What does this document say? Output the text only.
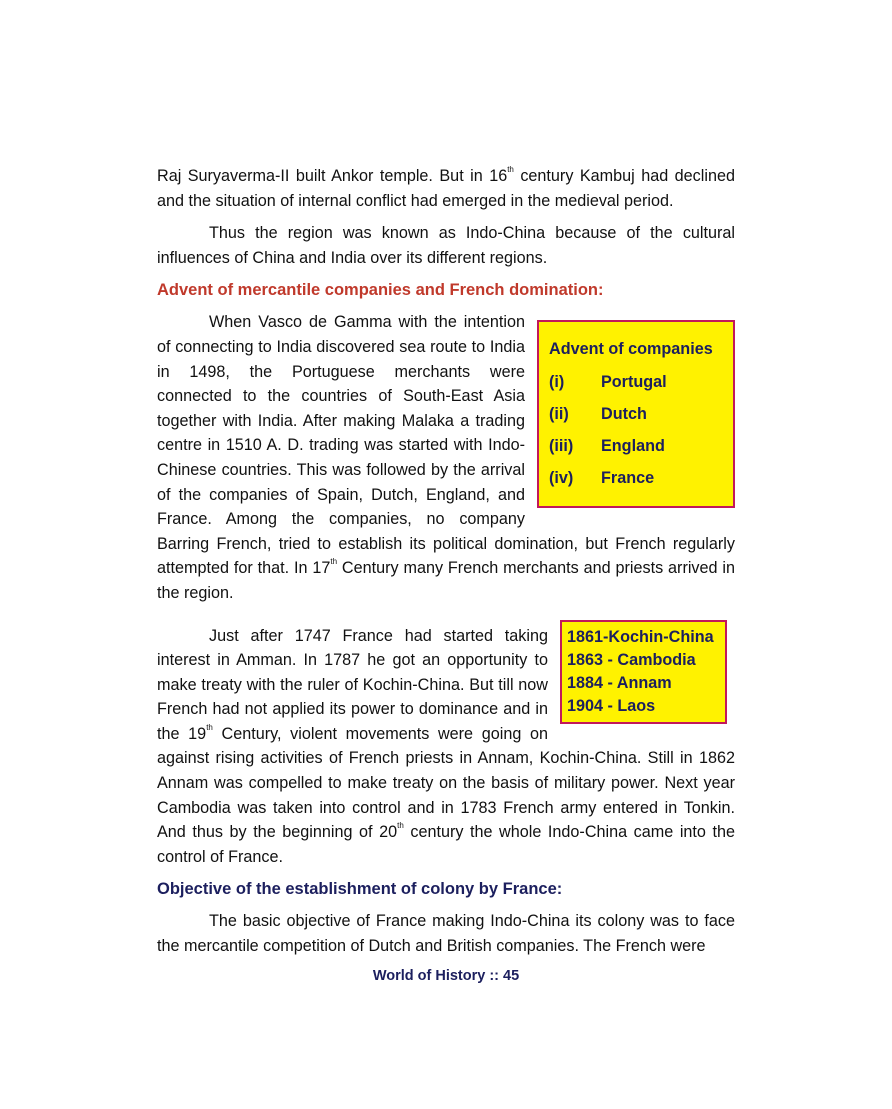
Raj Suryaverma-II built Ankor temple. But in 16th century Kambuj had declined and the situation of internal conflict had emerged in the medieval period.

Thus the region was known as Indo-China because of the cultural influences of China and India over its different regions.

Advent of mercantile companies and French domination:
Advent of companies
(i)	Portugal
(ii)	Dutch
(iii)	England
(iv)	France

When Vasco de Gamma with the intention of connecting to India discovered sea route to India in 1498, the Portuguese merchants were connected to the countries of South-East Asia together with India. After making Malaka a trading centre in 1510 A. D. trading was started with Indo-Chinese countries. This was followed by the arrival of the companies of Spain, Dutch, England, and France. Among the companies, no company Barring French, tried to establish its political domination, but French regularly attempted for that. In 17th Century many French merchants and priests arrived in the region.

1861-Kochin-China
1863 - Cambodia
1884 - Annam
1904 - Laos

Just after 1747 France had started taking interest in Amman. In 1787 he got an opportunity to make treaty with the ruler of Kochin-China. But till now French had not applied its power to dominance and in the 19th Century, violent movements were going on against rising activities of French priests in Annam, Kochin-China. Still in 1862 Annam was compelled to make treaty on the basis of military power. Next year Cambodia was taken into control and in 1783 French army entered in Tonkin. And thus by the beginning of 20th century the whole Indo-China came into the control of France.

Objective of the establishment of colony by France:

The basic objective of France making Indo-China its colony was to face the mercantile competition of Dutch and British companies. The French were

World of History :: 45
